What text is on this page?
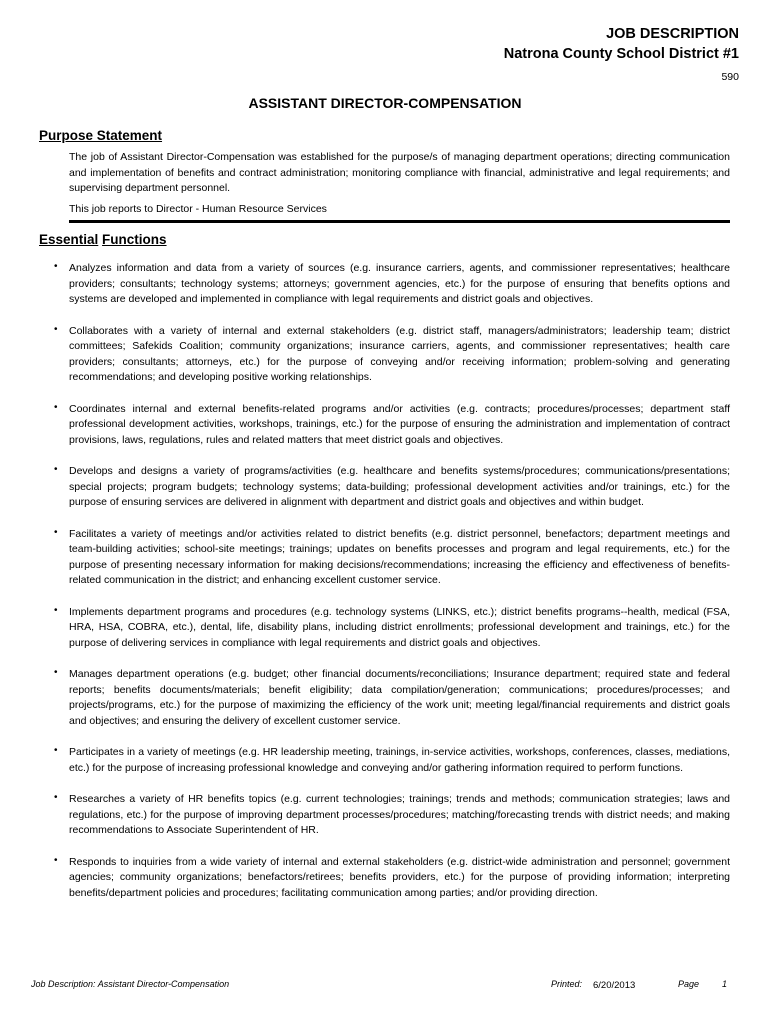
JOB DESCRIPTION
Natrona County School District #1
590
ASSISTANT DIRECTOR-COMPENSATION
Purpose Statement
The job of Assistant Director-Compensation was established for the purpose/s of managing department operations; directing communication and implementation of benefits and contract administration; monitoring compliance with financial, administrative and legal requirements; and supervising department personnel.
This job reports to Director - Human Resource Services
Essential Functions
• Analyzes information and data from a variety of sources (e.g. insurance carriers, agents, and commissioner representatives; healthcare providers; consultants; technology systems; attorneys; government agencies, etc.) for the purpose of ensuring that benefits options and systems are developed and implemented in compliance with legal requirements and district goals and objectives.
• Collaborates with a variety of internal and external stakeholders (e.g. district staff, managers/administrators; leadership team; district committees; Safekids Coalition; community organizations; insurance carriers, agents, and commissioner representatives; health care providers; consultants; attorneys, etc.) for the purpose of conveying and/or receiving information; problem-solving and generating recommendations; and developing positive working relationships.
• Coordinates internal and external benefits-related programs and/or activities (e.g. contracts; procedures/processes; department staff professional development activities, workshops, trainings, etc.) for the purpose of ensuring the administration and implementation of contract provisions, laws, regulations, rules and related matters that meet district goals and objectives.
• Develops and designs a variety of programs/activities (e.g. healthcare and benefits systems/procedures; communications/presentations; special projects; program budgets; technology systems; data-building; professional development activities and/or trainings, etc.) for the purpose of ensuring services are delivered in alignment with department and district goals and objectives and within budget.
• Facilitates a variety of meetings and/or activities related to district benefits (e.g. district personnel, benefactors; department meetings and team-building activities; school-site meetings; trainings; updates on benefits processes and program and legal requirements, etc.) for the purpose of presenting necessary information for making decisions/recommendations; increasing the efficiency and effectiveness of benefits-related communication in the district; and enhancing excellent customer service.
• Implements department programs and procedures (e.g. technology systems (LINKS, etc.); district benefits programs--health, medical (FSA, HRA, HSA, COBRA, etc.), dental, life, disability plans, including district enrollments; professional development and trainings, etc.) for the purpose of delivering services in compliance with legal requirements and district goals and objectives.
• Manages department operations (e.g. budget; other financial documents/reconciliations; Insurance department; required state and federal reports; benefits documents/materials; benefit eligibility; data compilation/generation; communications; procedures/processes; and projects/programs, etc.) for the purpose of maximizing the efficiency of the work unit; meeting legal/financial requirements and district goals and objectives; and ensuring the delivery of excellent customer service.
• Participates in a variety of meetings (e.g. HR leadership meeting, trainings, in-service activities, workshops, conferences, classes, mediations, etc.) for the purpose of increasing professional knowledge and conveying and/or gathering information required to perform functions.
• Researches a variety of HR benefits topics (e.g. current technologies; trainings; trends and methods; communication strategies; laws and regulations, etc.) for the purpose of improving department processes/procedures; matching/forecasting trends with district needs; and making recommendations to Associate Superintendent of HR.
• Responds to inquiries from a wide variety of internal and external stakeholders (e.g. district-wide administration and personnel; government agencies; community organizations; benefactors/retirees; benefits providers, etc.) for the purpose of providing information; interpreting benefits/department policies and procedures; facilitating communication among parties; and/or providing direction.
Job Description: Assistant Director-Compensation	Printed: 6/20/2013	Page	1
